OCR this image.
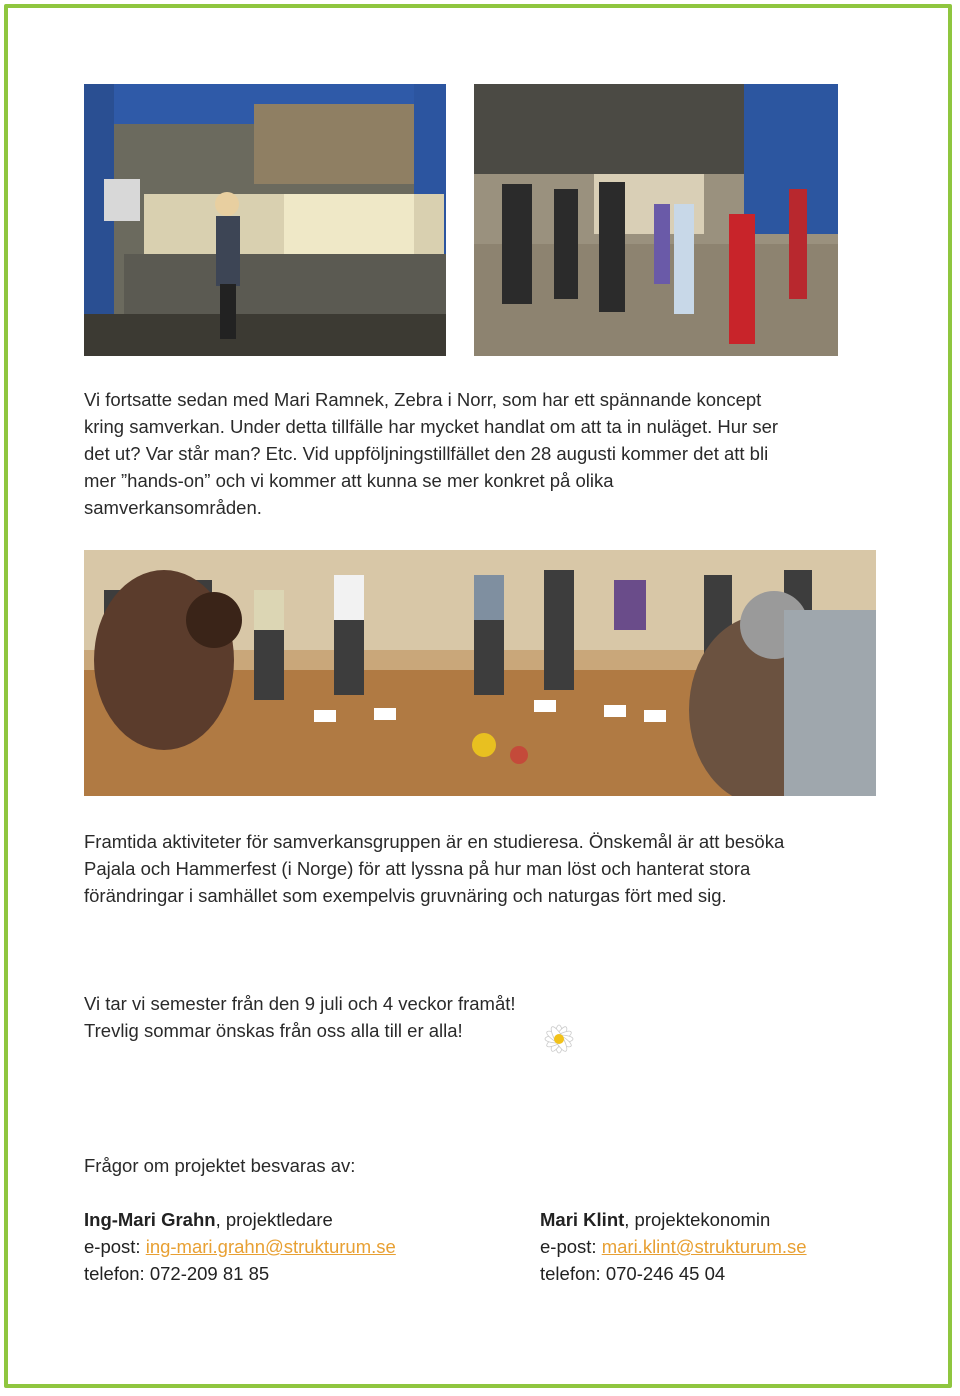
Vi fortsatte sedan med Mari Ramnek, Zebra i Norr, som har ett spännande koncept
kring samverkan. Under detta tillfälle har mycket handlat om att ta in nuläget. Hur ser
det ut? Var står man? Etc. Vid uppföljningstillfället den 28 augusti kommer det att bli
mer ”hands-on” och vi kommer att kunna se mer konkret på olika
samverkansområden.

Framtida aktiviteter för samverkansgruppen är en studieresa. Önskemål är att besöka
Pajala och Hammerfest (i Norge) för att lyssna på hur man löst och hanterat stora
förändringar i samhället som exempelvis gruvnäring och naturgas fört med sig.

Vi tar vi semester från den 9 juli och 4 veckor framåt!
Trevlig sommar önskas från oss alla till er alla!

Frågor om projektet besvaras av:

Ing-Mari Grahn, projektledare
e-post: ing-mari.grahn@strukturum.se
telefon: 072-209 81 85
Mari Klint, projektekonomin
e-post: mari.klint@strukturum.se
telefon: 070-246 45 04
